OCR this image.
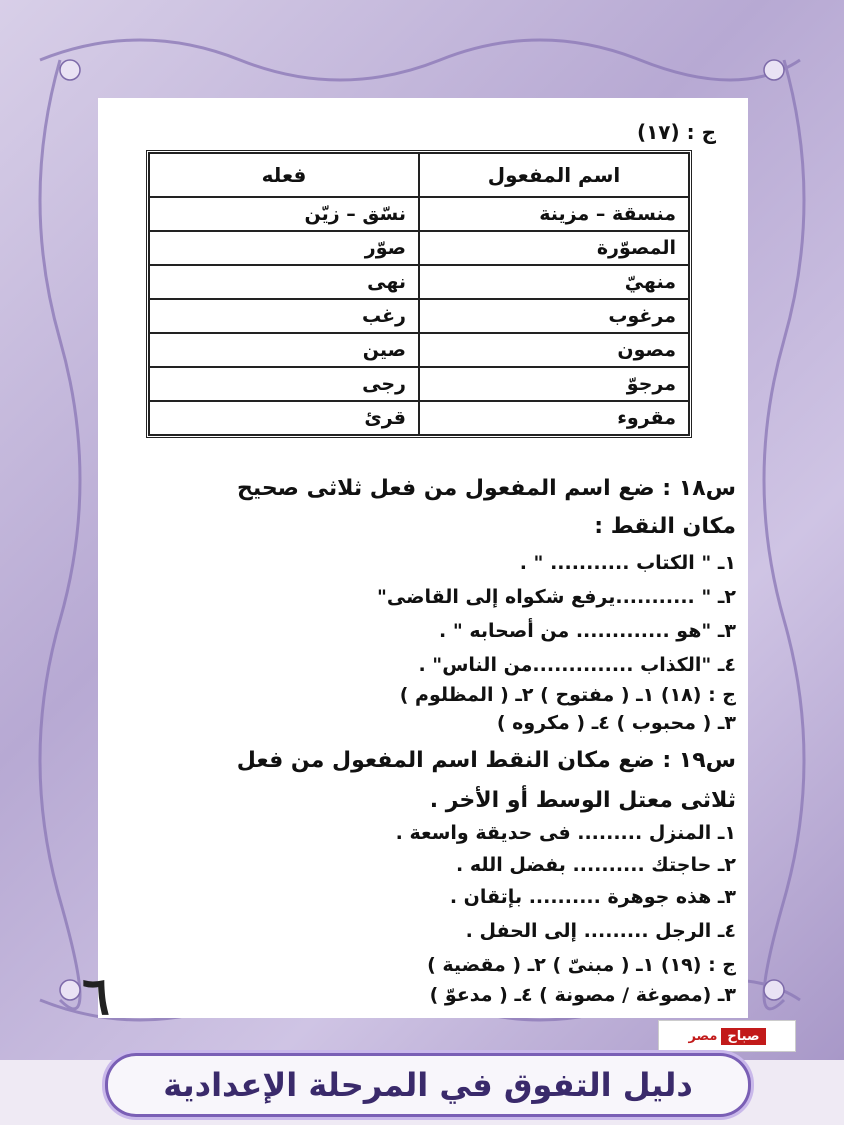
ج : (١٧)
اسم المفعول	فعله
منسقة – مزينة	نسّق – زيّن
المصوّرة	صوّر
منهيّ	نهى
مرغوب	رغب
مصون	صين
مرجوّ	رجى
مقروء	قرئ
س١٨ : ضع اسم المفعول من فعل ثلاثى صحيح
مكان النقط :
١ـ " الكتاب ........... " .
٢ـ " ...........يرفع شكواه إلى القاضى"
٣ـ "هو ............. من أصحابه " .
٤ـ "الكذاب ..............من الناس" .
ج : (١٨) ١ـ ( مفتوح ) ٢ـ ( المظلوم )
٣ـ ( محبوب ) ٤ـ ( مكروه )
س١٩ : ضع مكان النقط اسم المفعول من فعل
ثلاثى معتل الوسط أو الأخر .
١ـ المنزل ......... فى حديقة واسعة .
٢ـ حاجتك .......... بفضل الله .
٣ـ هذه جوهرة .......... بإتقان .
٤ـ الرجل ......... إلى الحفل .
ج : (١٩) ١ـ ( مبنىّ ) ٢ـ ( مقضية )
٣ـ (مصوغة / مصونة ) ٤ـ ( مدعوّ )
٦
مصر صباح
دليل التفوق في المرحلة الإعدادية
